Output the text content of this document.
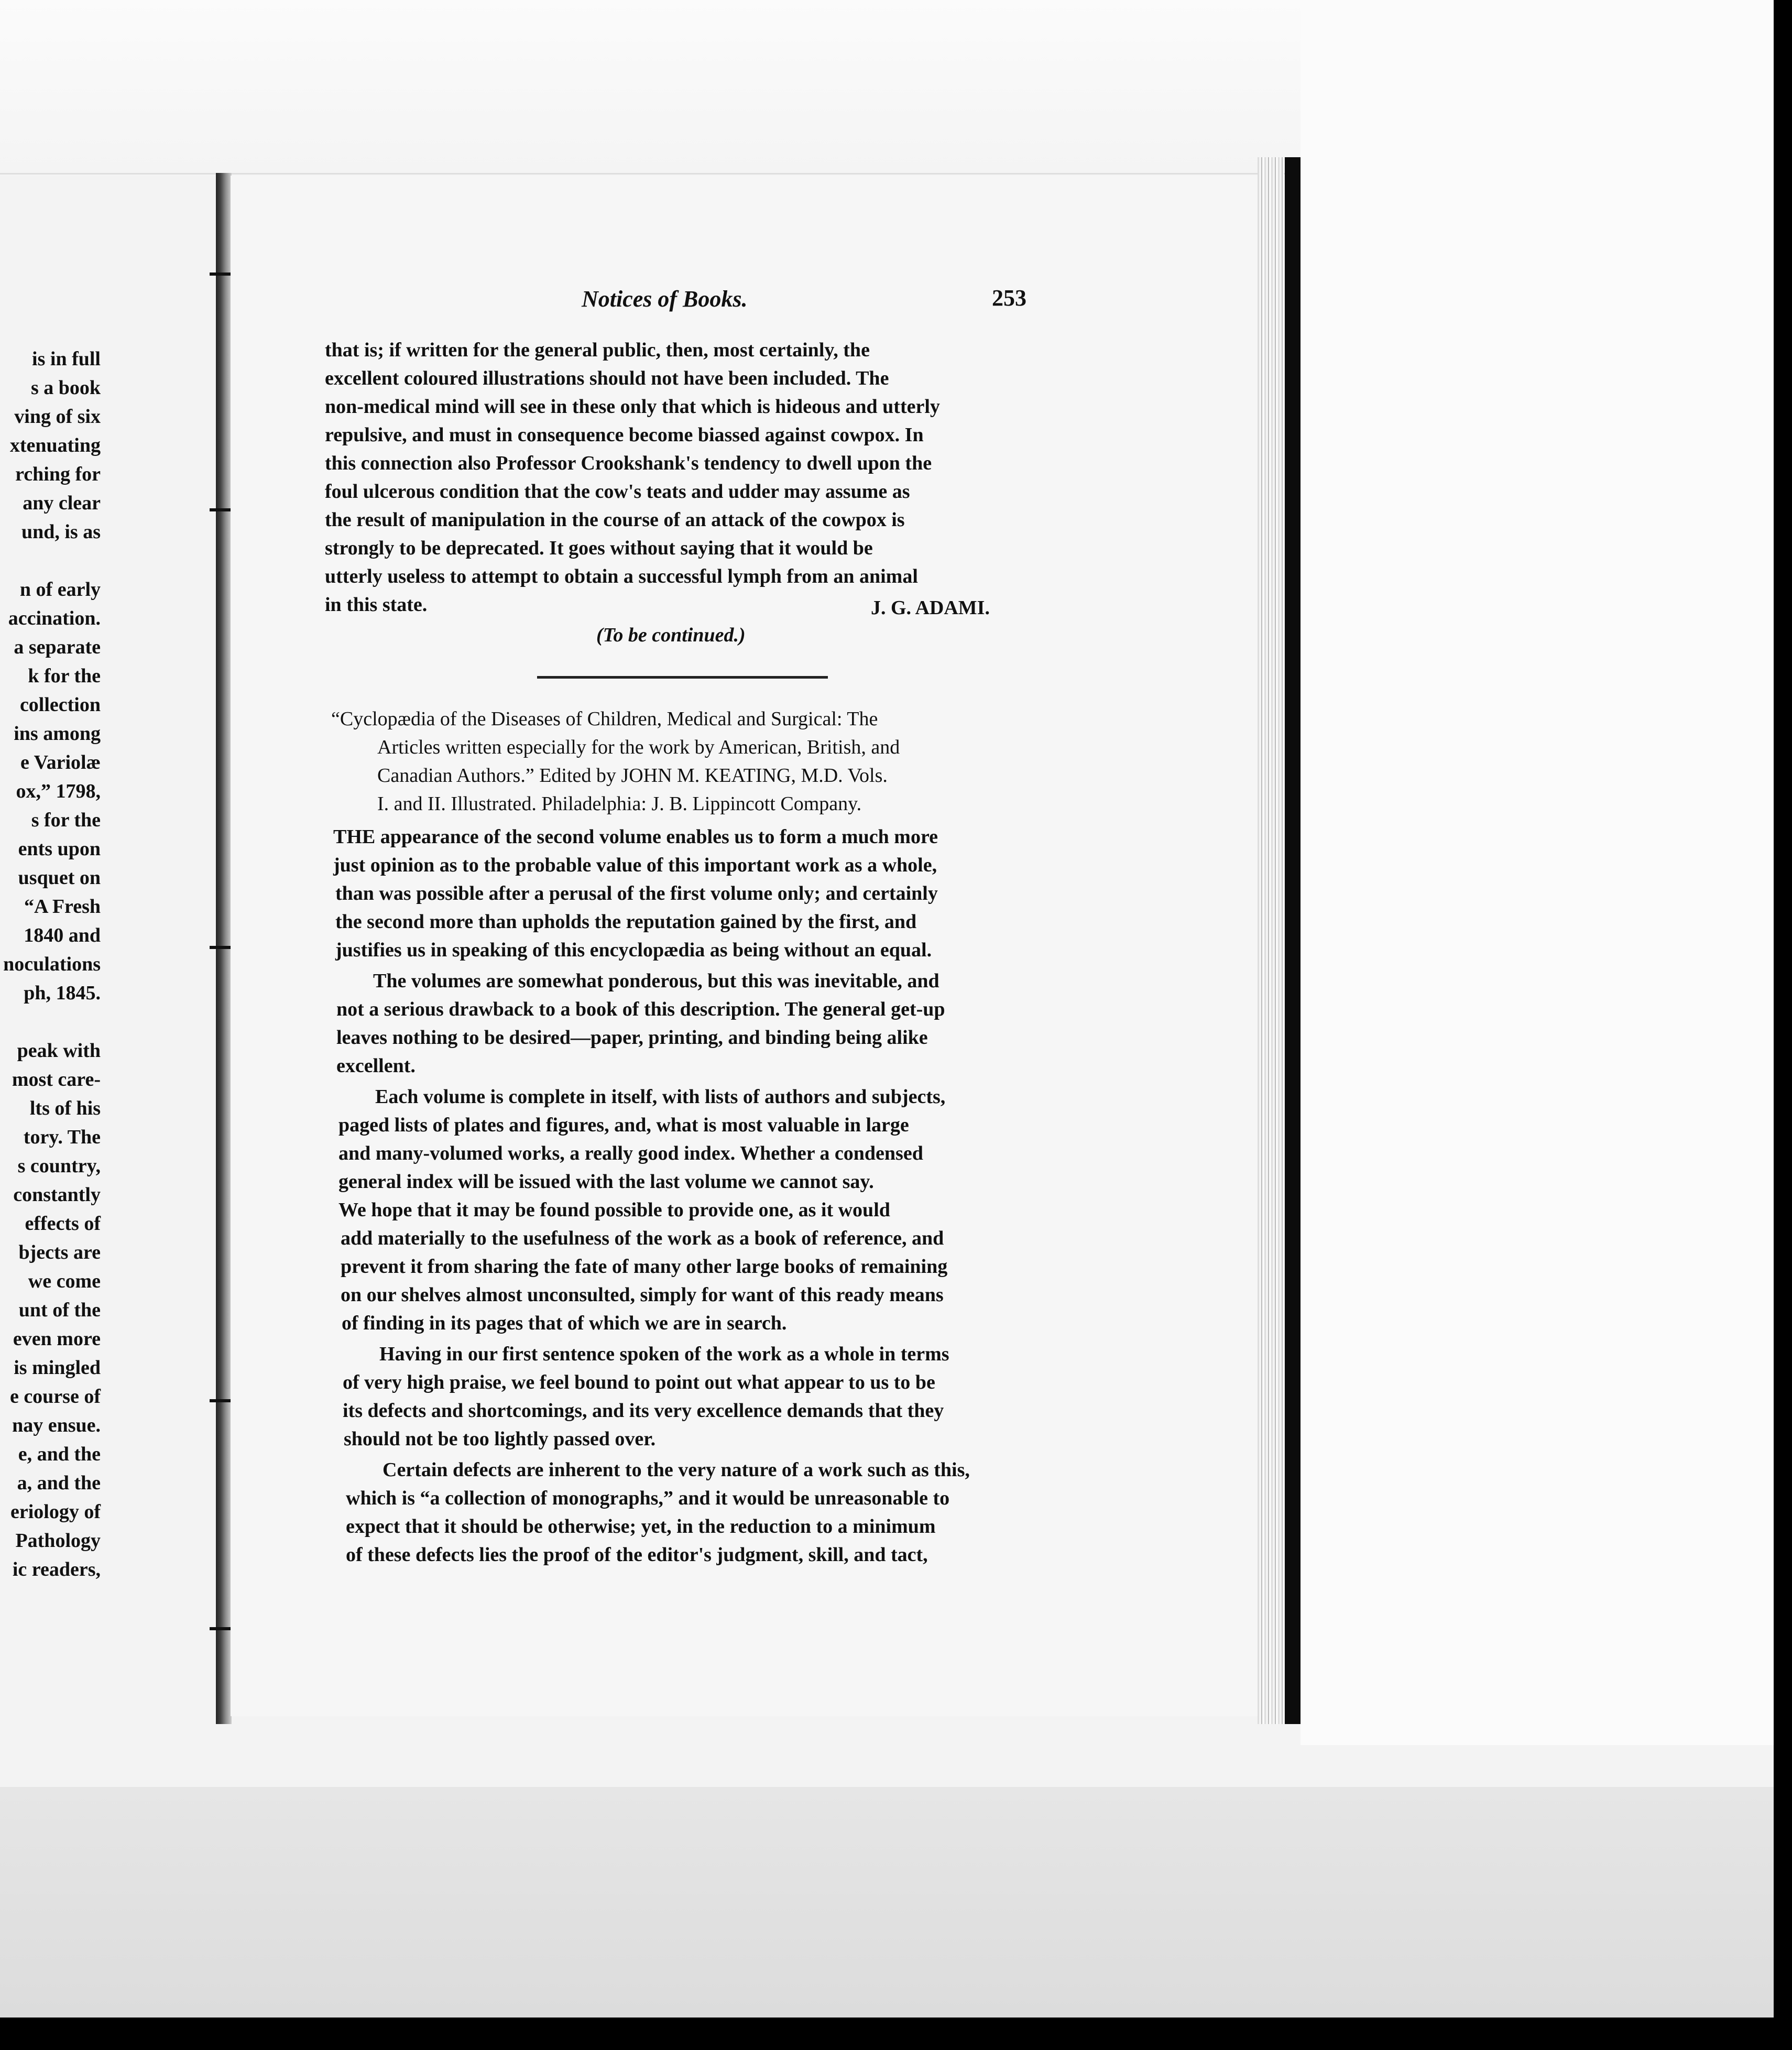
is in full
s a book
ving of six
xtenuating
rching for
any clear
und, is as
n of early
accination.
a separate
k for the
collection
ins among
e Variolæ
ox,” 1798,
s for the
ents upon
usquet on
“A Fresh
1840 and
noculations
ph, 1845.
peak with
most care-
lts of his
tory. The
s country,
constantly
effects of
bjects are
we come
unt of the
even more
is mingled
e course of
nay ensue.
e, and the
a, and the
eriology of
Pathology
ic readers,
Notices of Books.	253
that is; if written for the general public, then, most certainly, the
excellent coloured illustrations should not have been included. The
non-medical mind will see in these only that which is hideous and utterly
repulsive, and must in consequence become biassed against cowpox. In
this connection also Professor Crookshank's tendency to dwell upon the
foul ulcerous condition that the cow's teats and udder may assume as
the result of manipulation in the course of an attack of the cowpox is
strongly to be deprecated. It goes without saying that it would be
utterly useless to attempt to obtain a successful lymph from an animal
in this state.	J. G. ADAMI.
(To be continued.)
“Cyclopædia of the Diseases of Children, Medical and Surgical: The
Articles written especially for the work by American, British, and
Canadian Authors.” Edited by JOHN M. KEATING, M.D. Vols.
I. and II. Illustrated. Philadelphia: J. B. Lippincott Company.
THE appearance of the second volume enables us to form a much more
just opinion as to the probable value of this important work as a whole,
than was possible after a perusal of the first volume only; and certainly
the second more than upholds the reputation gained by the first, and
justifies us in speaking of this encyclopædia as being without an equal.
The volumes are somewhat ponderous, but this was inevitable, and
not a serious drawback to a book of this description. The general get-up
leaves nothing to be desired—paper, printing, and binding being alike
excellent.
Each volume is complete in itself, with lists of authors and subjects,
paged lists of plates and figures, and, what is most valuable in large
and many-volumed works, a really good index. Whether a condensed
general index will be issued with the last volume we cannot say.
We hope that it may be found possible to provide one, as it would
add materially to the usefulness of the work as a book of reference, and
prevent it from sharing the fate of many other large books of remaining
on our shelves almost unconsulted, simply for want of this ready means
of finding in its pages that of which we are in search.
Having in our first sentence spoken of the work as a whole in terms
of very high praise, we feel bound to point out what appear to us to be
its defects and shortcomings, and its very excellence demands that they
should not be too lightly passed over.
Certain defects are inherent to the very nature of a work such as this,
which is “a collection of monographs,” and it would be unreasonable to
expect that it should be otherwise; yet, in the reduction to a minimum
of these defects lies the proof of the editor's judgment, skill, and tact,
